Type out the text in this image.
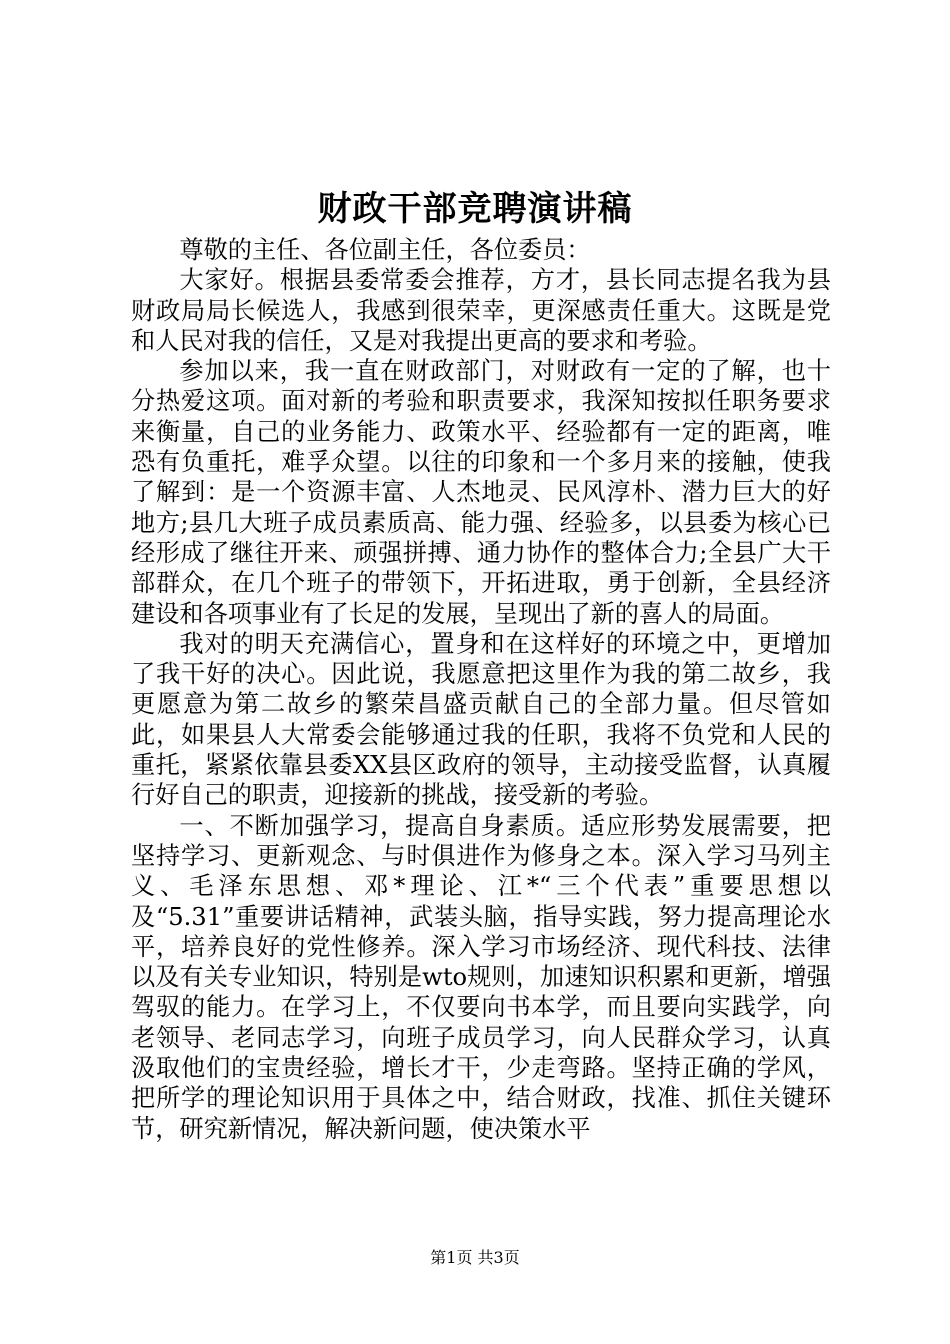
财政干部竞聘演讲稿

尊敬的主任、各位副主任，各位委员：

大家好。根据县委常委会推荐，方才，县长同志提名我为县财政局局长候选人，我感到很荣幸，更深感责任重大。这既是党和人民对我的信任，又是对我提出更高的要求和考验。

参加以来，我一直在财政部门，对财政有一定的了解，也十分热爱这项。面对新的考验和职责要求，我深知按拟任职务要求来衡量，自己的业务能力、政策水平、经验都有一定的距离，唯恐有负重托，难孚众望。以往的印象和一个多月来的接触，使我了解到：是一个资源丰富、人杰地灵、民风淳朴、潜力巨大的好地方;县几大班子成员素质高、能力强、经验多，以县委为核心已经形成了继往开来、顽强拼搏、通力协作的整体合力;全县广大干部群众，在几个班子的带领下，开拓进取，勇于创新，全县经济建设和各项事业有了长足的发展，呈现出了新的喜人的局面。

我对的明天充满信心，置身和在这样好的环境之中，更增加了我干好的决心。因此说，我愿意把这里作为我的第二故乡，我更愿意为第二故乡的繁荣昌盛贡献自己的全部力量。但尽管如此，如果县人大常委会能够通过我的任职，我将不负党和人民的重托，紧紧依靠县委XX县区政府的领导，主动接受监督，认真履行好自己的职责，迎接新的挑战，接受新的考验。

一、不断加强学习，提高自身素质。适应形势发展需要，把坚持学习、更新观念、与时俱进作为修身之本。深入学习马列主义、毛泽东思想、邓*理论、江*“三个代表”重要思想以及“5.31”重要讲话精神，武装头脑，指导实践，努力提高理论水平，培养良好的党性修养。深入学习市场经济、现代科技、法律以及有关专业知识，特别是wto规则，加速知识积累和更新，增强驾驭的能力。在学习上，不仅要向书本学，而且要向实践学，向老领导、老同志学习，向班子成员学习，向人民群众学习，认真汲取他们的宝贵经验，增长才干，少走弯路。坚持正确的学风，把所学的理论知识用于具体之中，结合财政，找准、抓住关键环节，研究新情况，解决新问题，使决策水平

第1页 共3页
